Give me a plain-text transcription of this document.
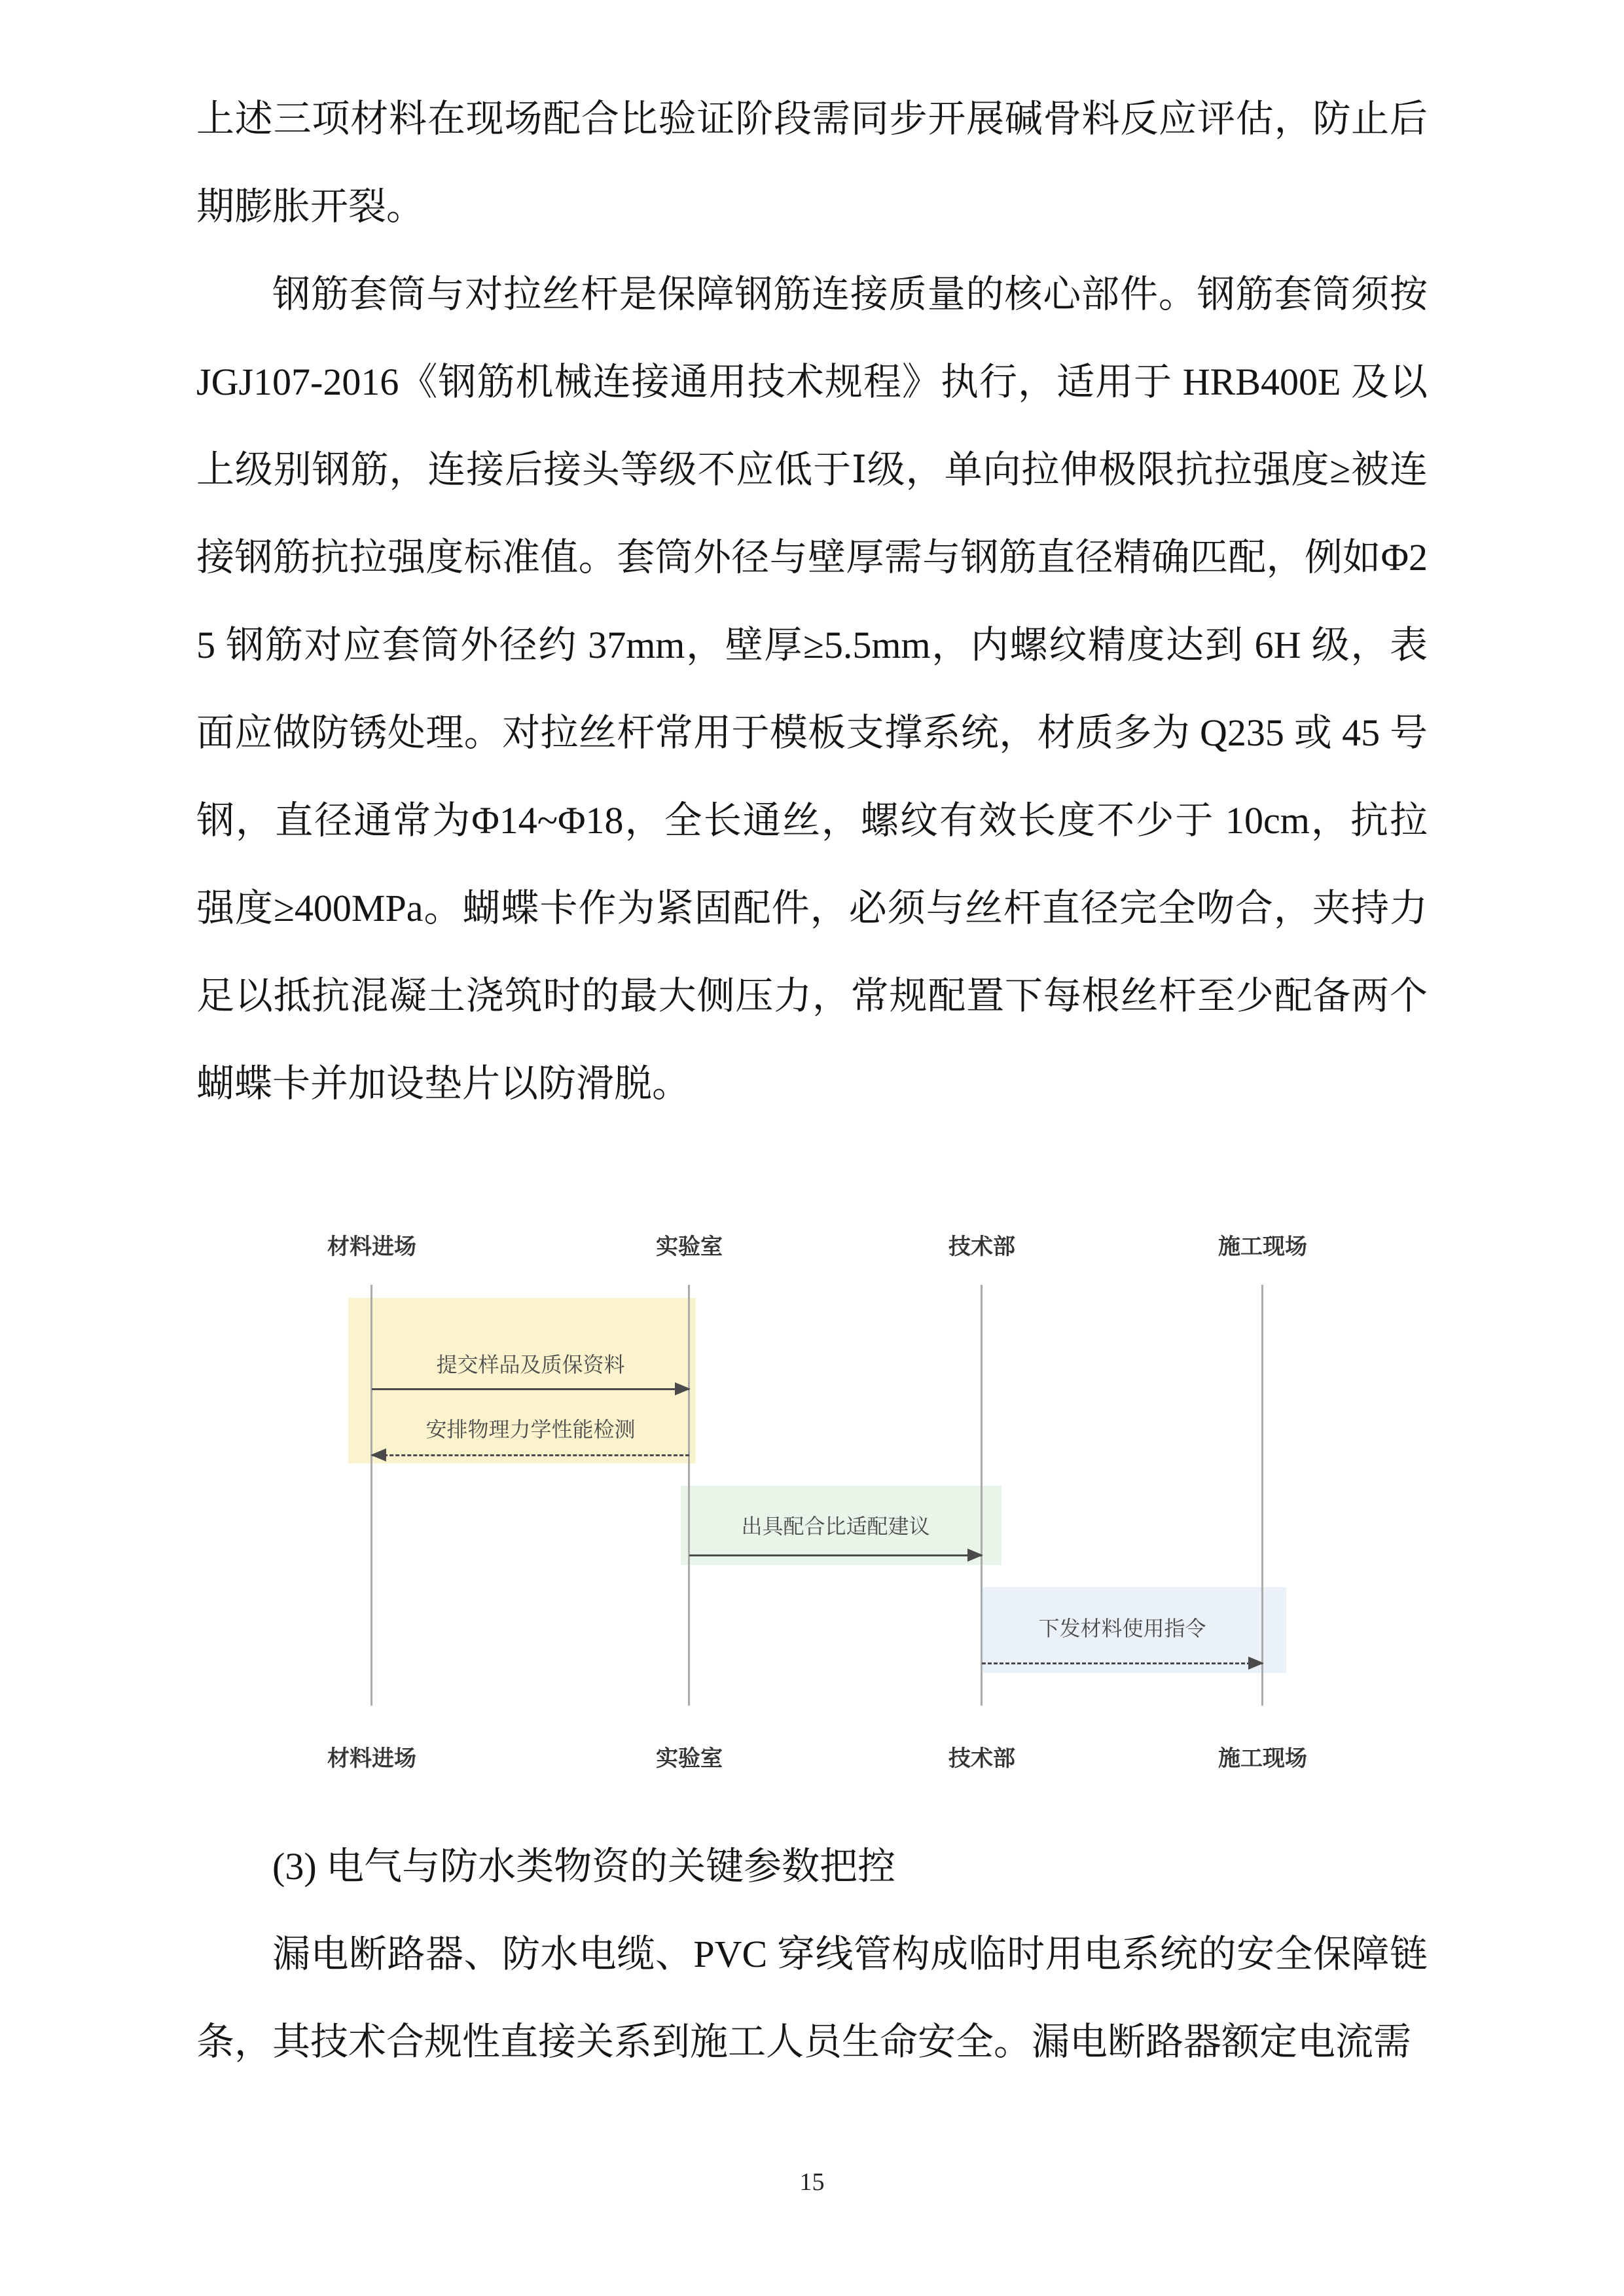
上述三项材料在现场配合比验证阶段需同步开展碱骨料反应评估，防止后期膨胀开裂。

钢筋套筒与对拉丝杆是保障钢筋连接质量的核心部件。钢筋套筒须按 JGJ107-2016《钢筋机械连接通用技术规程》执行，适用于 HRB400E 及以上级别钢筋，连接后接头等级不应低于Ⅰ级，单向拉伸极限抗拉强度≥被连接钢筋抗拉强度标准值。套筒外径与壁厚需与钢筋直径精确匹配，例如Φ25 钢筋对应套筒外径约 37mm，壁厚≥5.5mm，内螺纹精度达到 6H 级，表面应做防锈处理。对拉丝杆常用于模板支撑系统，材质多为 Q235 或 45 号钢，直径通常为Φ14~Φ18，全长通丝，螺纹有效长度不少于 10cm，抗拉强度≥400MPa。蝴蝶卡作为紧固配件，必须与丝杆直径完全吻合，夹持力足以抵抗混凝土浇筑时的最大侧压力，常规配置下每根丝杆至少配备两个蝴蝶卡并加设垫片以防滑脱。

材料进场	实验室	技术部	施工现场
提交样品及质保资料
安排物理力学性能检测
出具配合比适配建议
下发材料使用指令
材料进场	实验室	技术部	施工现场

(3) 电气与防水类物资的关键参数把控

漏电断路器、防水电缆、PVC 穿线管构成临时用电系统的安全保障链条，其技术合规性直接关系到施工人员生命安全。漏电断路器额定电流需

15
